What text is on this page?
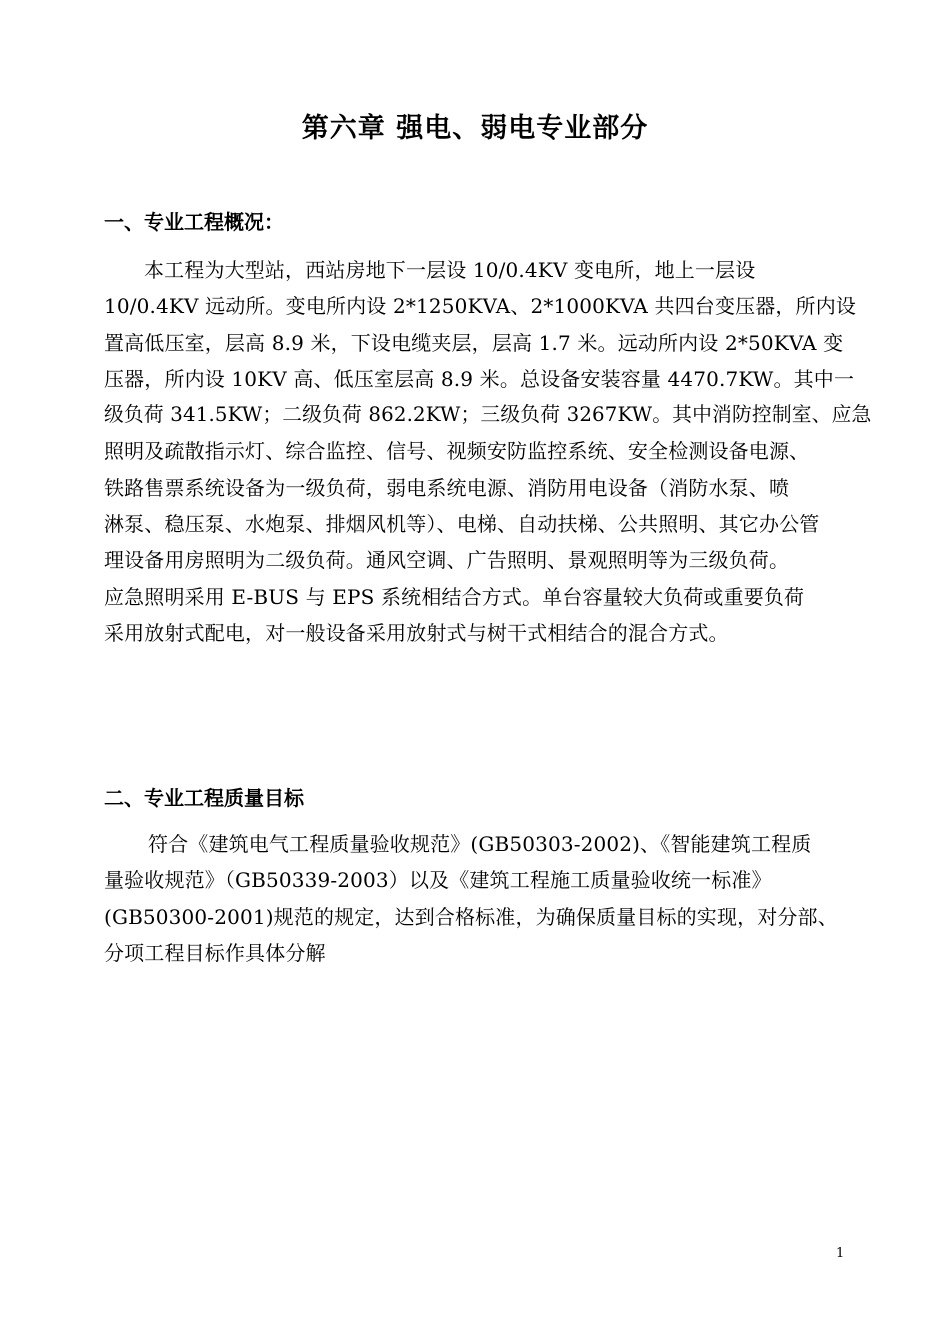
第六章 强电、弱电专业部分
一、专业工程概况：
本工程为大型站，西站房地下一层设 10/0.4KV 变电所，地上一层设
10/0.4KV 远动所。变电所内设 2*1250KVA、2*1000KVA 共四台变压器，所内设
置高低压室，层高 8.9 米，下设电缆夹层，层高 1.7 米。远动所内设 2*50KVA 变
压器，所内设 10KV 高、低压室层高 8.9 米。总设备安装容量 4470.7KW。其中一
级负荷 341.5KW；二级负荷 862.2KW；三级负荷 3267KW。其中消防控制室、应急
照明及疏散指示灯、综合监控、信号、视频安防监控系统、安全检测设备电源、
铁路售票系统设备为一级负荷，弱电系统电源、消防用电设备（消防水泵、喷
淋泵、稳压泵、水炮泵、排烟风机等）、电梯、自动扶梯、公共照明、其它办公管
理设备用房照明为二级负荷。通风空调、广告照明、景观照明等为三级负荷。
应急照明采用 E-BUS 与 EPS 系统相结合方式。单台容量较大负荷或重要负荷
采用放射式配电，对一般设备采用放射式与树干式相结合的混合方式。
二、专业工程质量目标
符合《建筑电气工程质量验收规范》(GB50303-2002)、《智能建筑工程质
量验收规范》（GB50339-2003）以及《建筑工程施工质量验收统一标准》
(GB50300-2001)规范的规定，达到合格标准，为确保质量目标的实现，对分部、
分项工程目标作具体分解
1
